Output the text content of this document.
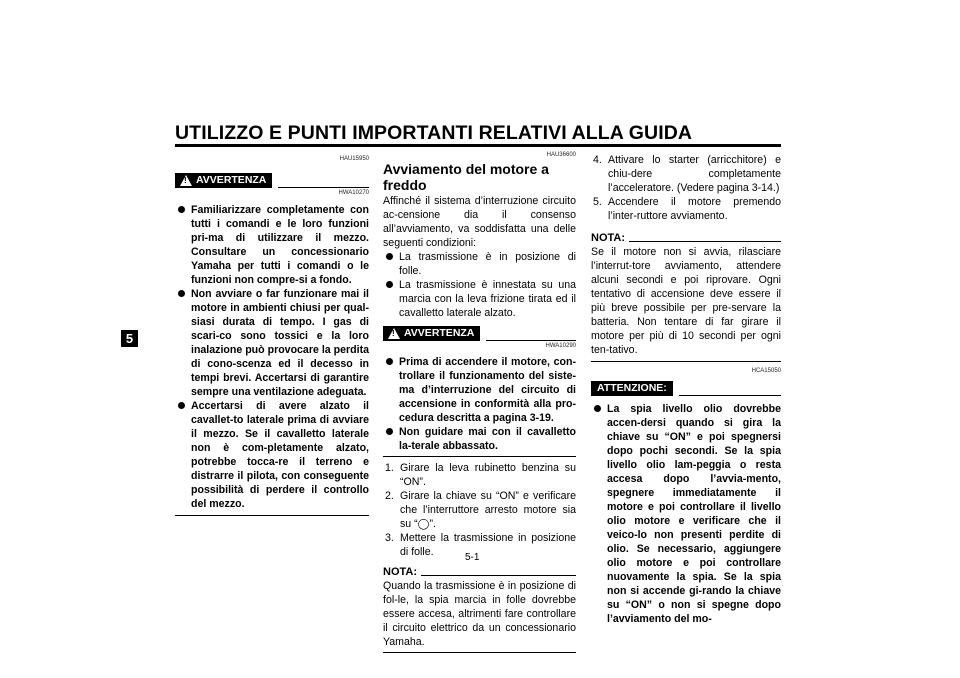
UTILIZZO E PUNTI IMPORTANTI RELATIVI ALLA GUIDA
5
HAU15950
! AVVERTENZA
HWA10270
Familiarizzare completamente con tutti i comandi e le loro funzioni pri-ma di utilizzare il mezzo. Consultare un concessionario Yamaha per tutti i comandi o le funzioni non compre-si a fondo.
Non avviare o far funzionare mai il motore in ambienti chiusi per qual-siasi durata di tempo. I gas di scari-co sono tossici e la loro inalazione può provocare la perdita di cono-scenza ed il decesso in tempi brevi. Accertarsi di garantire sempre una ventilazione adeguata.
Accertarsi di avere alzato il cavallet-to laterale prima di avviare il mezzo. Se il cavalletto laterale non è com-pletamente alzato, potrebbe tocca-re il terreno e distrarre il pilota, con conseguente possibilità di perdere il controllo del mezzo.
HAU36600
Avviamento del motore a freddo
Affinché il sistema d’interruzione circuito ac-censione dia il consenso all’avviamento, va soddisfatta una delle seguenti condizioni:
La trasmissione è in posizione di folle.
La trasmissione è innestata su una marcia con la leva frizione tirata ed il cavalletto laterale alzato.
! AVVERTENZA
HWA10290
Prima di accendere il motore, con-trollare il funzionamento del siste-ma d’interruzione del circuito di accensione in conformità alla pro-cedura descritta a pagina 3-19.
Non guidare mai con il cavalletto la-terale abbassato.
1. Girare la leva rubinetto benzina su “ON”.
2. Girare la chiave su “ON” e verificare che l’interruttore arresto motore sia su “◯”.
3. Mettere la trasmissione in posizione di folle.
NOTA:
Quando la trasmissione è in posizione di fol-le, la spia marcia in folle dovrebbe essere accesa, altrimenti fare controllare il circuito elettrico da un concessionario Yamaha.
4. Attivare lo starter (arricchitore) e chiu-dere completamente l’acceleratore. (Vedere pagina 3-14.)
5. Accendere il motore premendo l’inter-ruttore avviamento.
NOTA:
Se il motore non si avvia, rilasciare l’interrut-tore avviamento, attendere alcuni secondi e poi riprovare. Ogni tentativo di accensione deve essere il più breve possibile per pre-servare la batteria. Non tentare di far girare il motore per più di 10 secondi per ogni ten-tativo.
HCA15050
ATTENZIONE:
La spia livello olio dovrebbe accen-dersi quando si gira la chiave su “ON” e poi spegnersi dopo pochi secondi. Se la spia livello olio lam-peggia o resta accesa dopo l’avvia-mento, spegnere immediatamente il motore e poi controllare il livello olio motore e verificare che il veico-lo non presenti perdite di olio. Se necessario, aggiungere olio motore e poi controllare nuovamente la spia. Se la spia non si accende gi-rando la chiave su “ON” o non si spegne dopo l’avviamento del mo-
5-1
